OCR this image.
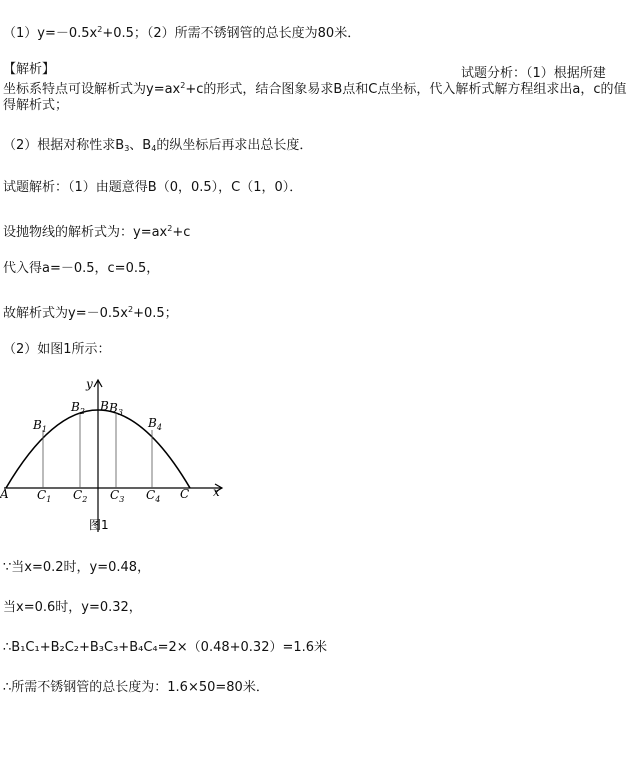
$(1)y=-0.5x^2+0.5$；（2）所需不锈钢管的总长度为80米．
【解析】	试题分析：（1）根据所建
坐标系特点可设解析式为$y=ax^2+c$的形式，结合图象易求B点和C点坐标，代入解析式解方程组求出a，c的值得解析式；
（2）根据对称性求$B_3$、$B_4$的纵坐标后再求出总长度．
试题解析：（1）由题意得B（0，0.5），C（1，0）．
设抛物线的解析式为：$y=ax^2+c$
代入得a=－0.5，c=0.5，
故解析式为$y=-0.5x^2+0.5$；
（2）如图1所示：
y
x
A
B
C
$B_1$
$B_2$ $B_3$
$B_4$
$C_1$ $C_2$ $C_3$ $C_4$
图1
∵当x=0.2时，y=0.48，
当x=0.6时，y=0.32，
∴B₁C₁+B₂C₂+B₃C₃+B₄C₄=2×（0.48+0.32）=1.6米
∴所需不锈钢管的总长度为：1.6×50=80米．
